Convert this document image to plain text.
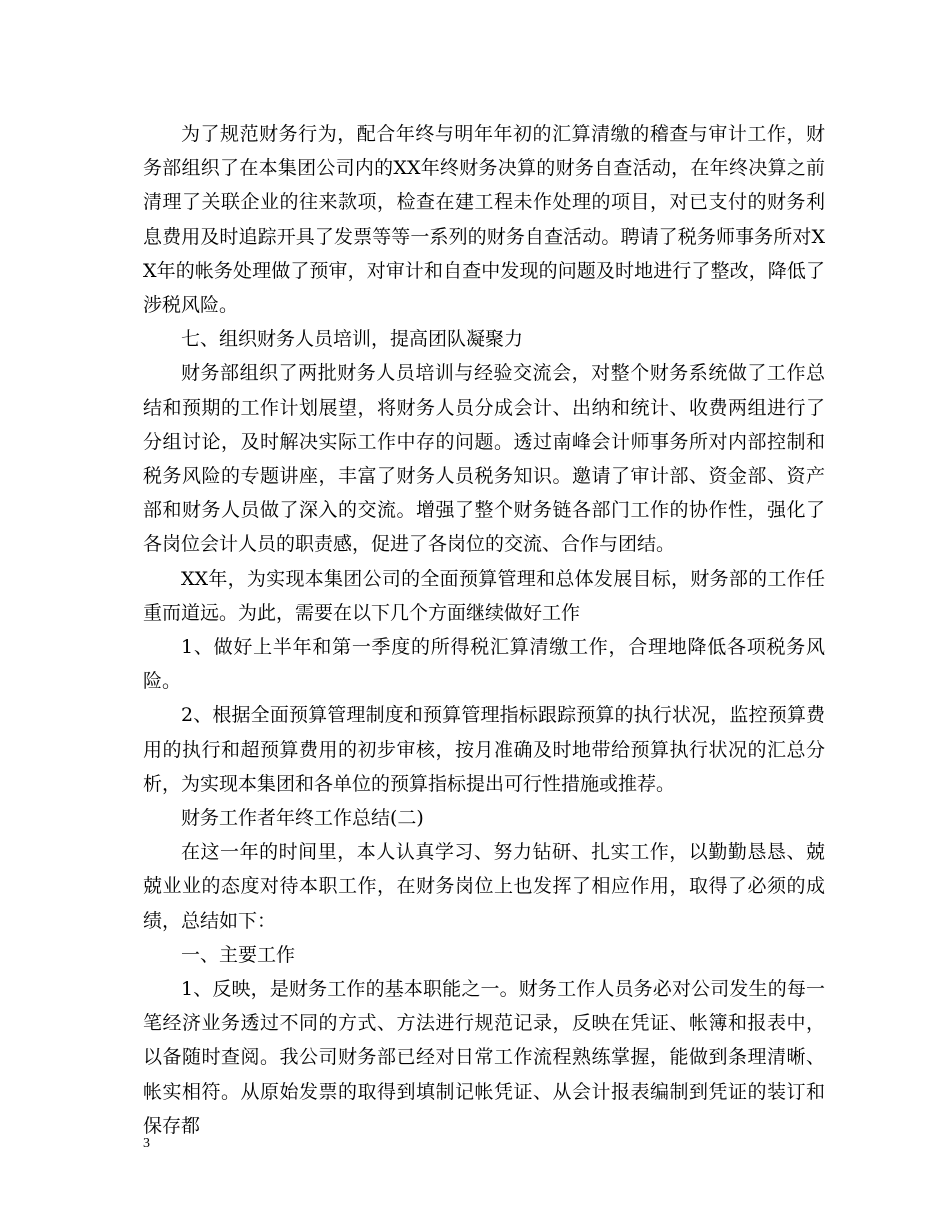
为了规范财务行为，配合年终与明年年初的汇算清缴的稽查与审计工作，财务部组织了在本集团公司内的XX年终财务决算的财务自查活动，在年终决算之前清理了关联企业的往来款项，检查在建工程未作处理的项目，对已支付的财务利息费用及时追踪开具了发票等等一系列的财务自查活动。聘请了税务师事务所对XX年的帐务处理做了预审，对审计和自查中发现的问题及时地进行了整改，降低了涉税风险。

七、组织财务人员培训，提高团队凝聚力

财务部组织了两批财务人员培训与经验交流会，对整个财务系统做了工作总结和预期的工作计划展望，将财务人员分成会计、出纳和统计、收费两组进行了分组讨论，及时解决实际工作中存的问题。透过南峰会计师事务所对内部控制和税务风险的专题讲座，丰富了财务人员税务知识。邀请了审计部、资金部、资产部和财务人员做了深入的交流。增强了整个财务链各部门工作的协作性，强化了各岗位会计人员的职责感，促进了各岗位的交流、合作与团结。

XX年，为实现本集团公司的全面预算管理和总体发展目标，财务部的工作任重而道远。为此，需要在以下几个方面继续做好工作

1、做好上半年和第一季度的所得税汇算清缴工作，合理地降低各项税务风险。

2、根据全面预算管理制度和预算管理指标跟踪预算的执行状况，监控预算费用的执行和超预算费用的初步审核，按月准确及时地带给预算执行状况的汇总分析，为实现本集团和各单位的预算指标提出可行性措施或推荐。

财务工作者年终工作总结(二)

在这一年的时间里，本人认真学习、努力钻研、扎实工作，以勤勤恳恳、兢兢业业的态度对待本职工作，在财务岗位上也发挥了相应作用，取得了必须的成绩，总结如下：

一、主要工作

1、反映，是财务工作的基本职能之一。财务工作人员务必对公司发生的每一笔经济业务透过不同的方式、方法进行规范记录，反映在凭证、帐簿和报表中，以备随时查阅。我公司财务部已经对日常工作流程熟练掌握，能做到条理清晰、帐实相符。从原始发票的取得到填制记帐凭证、从会计报表编制到凭证的装订和保存都

3
